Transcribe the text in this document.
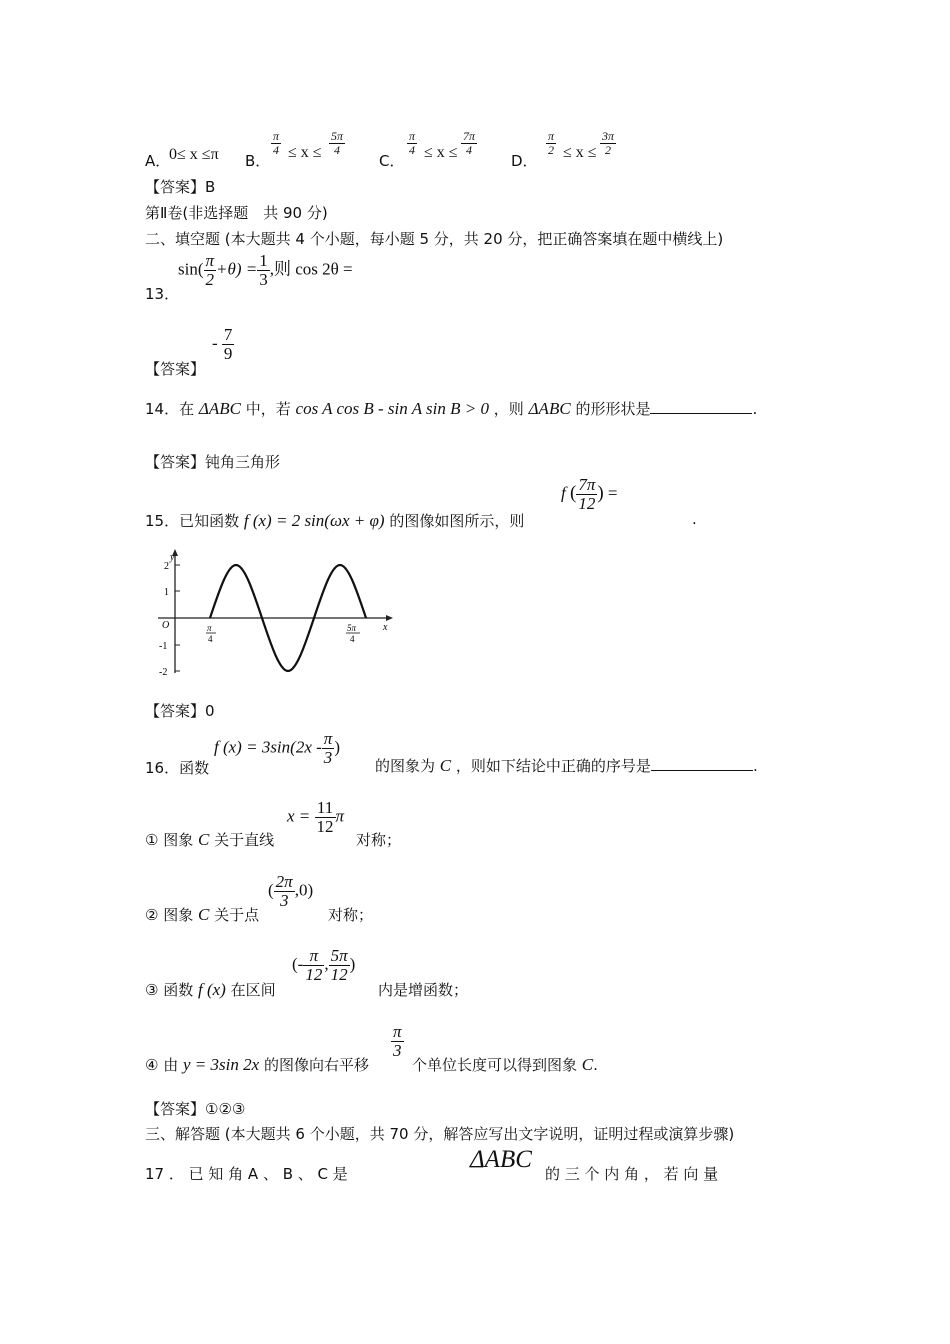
A．
0≤ x ≤π B．
$\frac{\pi}{4} \le x \le \frac{5\pi}{4}$
C．
$\frac{\pi}{4} \le x \le \frac{7\pi}{4}$
D．
$\frac{\pi}{2} \le x \le \frac{3\pi}{2}$
【答案】B
第Ⅱ卷(非选择题　共 90 分)
二、填空题 (本大题共 4 个小题，每小题 5 分，共 20 分，把正确答案填在题中横线上)
13．
$\sin( \frac{\pi}{2} +\theta) = \frac{1}{3}$ ,则 cos 2θ =
【答案】
- $\frac{7}{9}$
14．在 ΔABC 中，若 cos A cos B - sin A sin B > 0 ，则 ΔABC 的形形状是	.
【答案】钝角三角形
15．已知函数 f (x) = 2 sin(ωx + φ) 的图像如图所示，则
f ( $\frac{7\pi}{12}$ ) =
.
y
x
O
2
1
-1
-2
π
4
5π
4
【答案】0
16．函数
f $(x) = 3\sin(2x - \frac{\pi}{3}$ )
的图象为 C ，则如下结论中正确的序号是	.
① 图象 C 关于直线
$x = \frac{11}{12}$ π
对称；
② 图象 C 关于点
( $\frac{2\pi}{3} ,0$)
对称；
③ 函数 f (x) 在区间
(- $\frac{\pi}{12}$ , $\frac{5\pi}{12}$ )
内是增函数；
④ 由 y = 3sin 2x 的图像向右平移
$\frac{\pi}{3}$
个单位长度可以得到图象 C.
【答案】①②③
三、解答题 (本大题共 6 个小题，共 70 分，解答应写出文字说明，证明过程或演算步骤)
17 ． 已 知 角 A 、 B 、 C 是
ΔABC
的 三 个 内 角 ， 若 向 量
